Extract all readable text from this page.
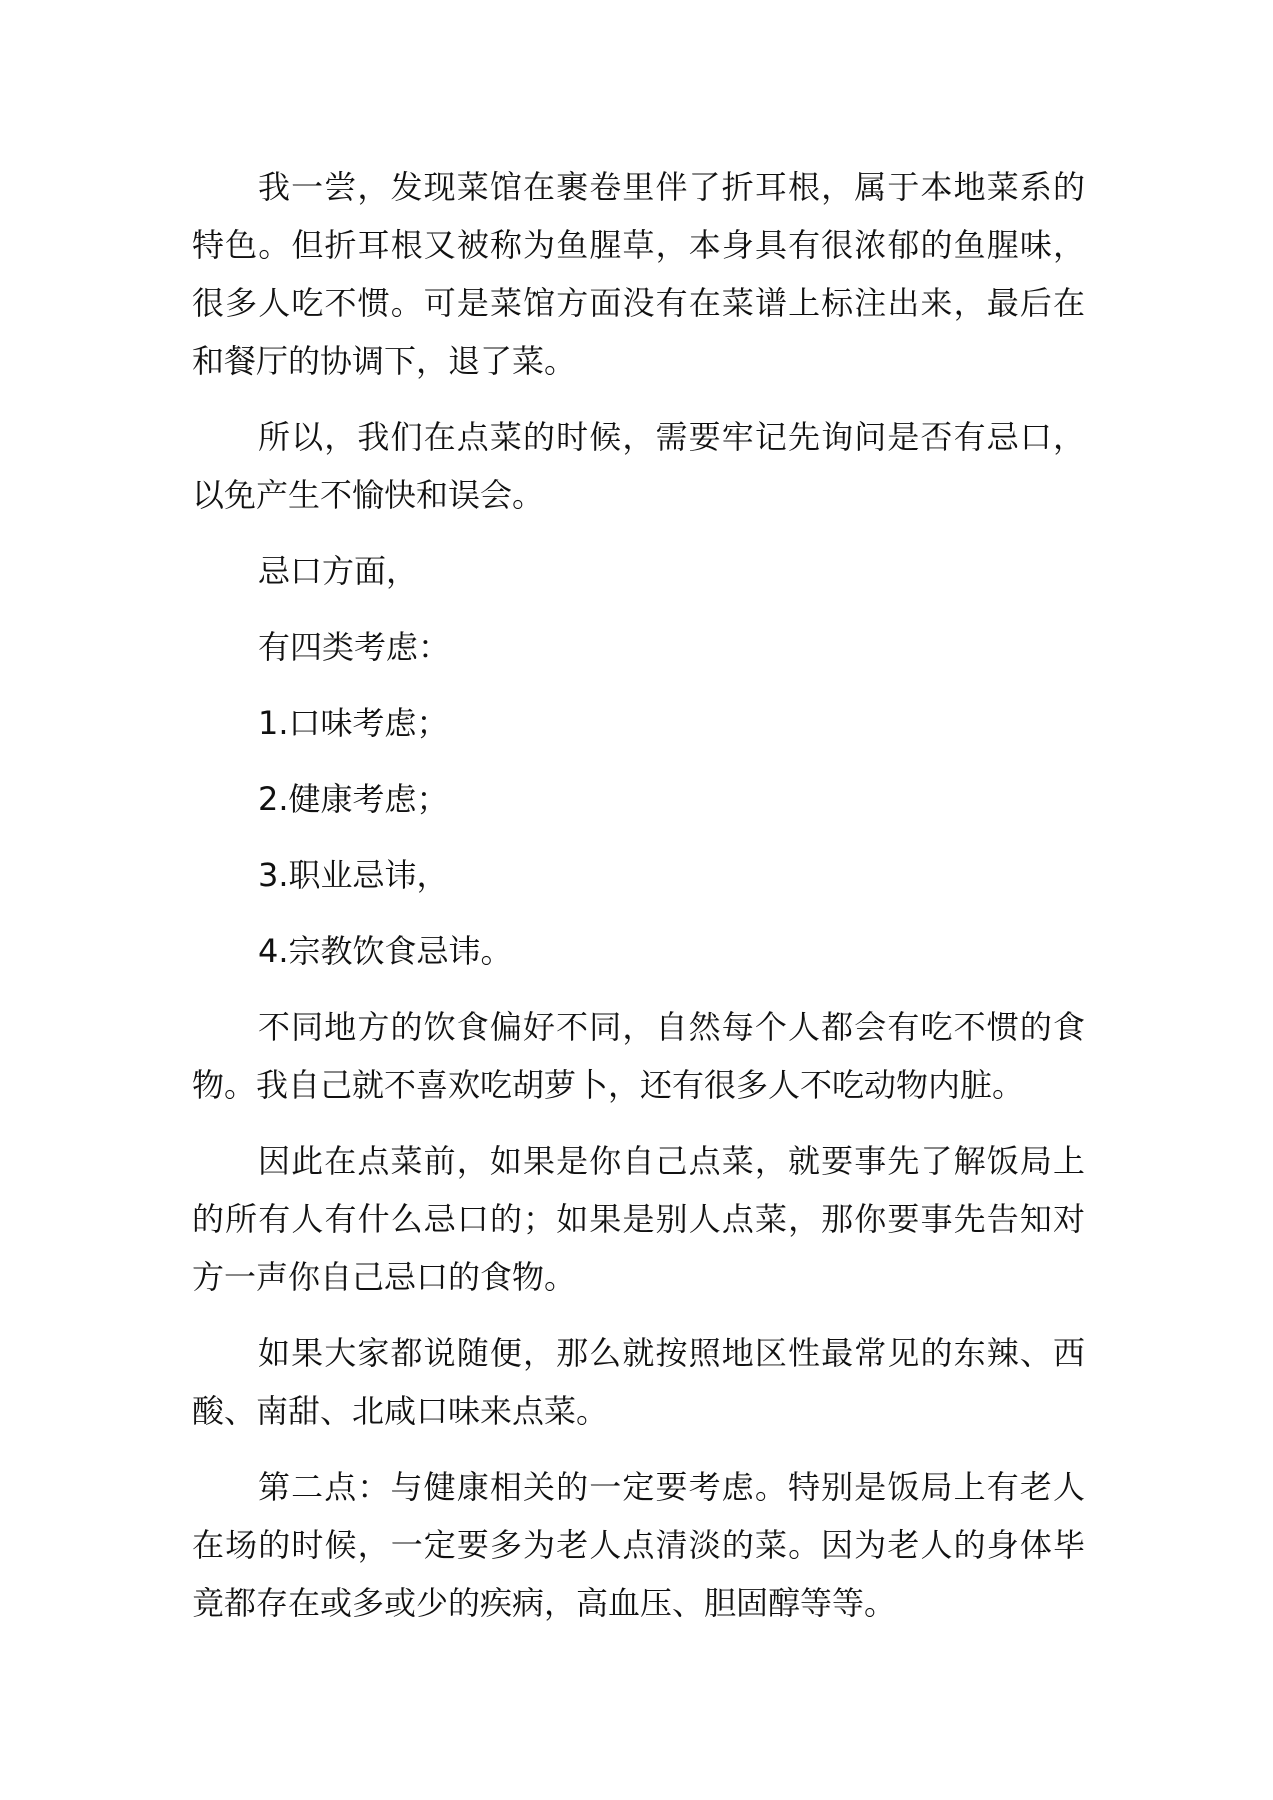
我一尝，发现菜馆在裹卷里伴了折耳根，属于本地菜系的特色。但折耳根又被称为鱼腥草，本身具有很浓郁的鱼腥味，很多人吃不惯。可是菜馆方面没有在菜谱上标注出来，最后在和餐厅的协调下，退了菜。

所以，我们在点菜的时候，需要牢记先询问是否有忌口，以免产生不愉快和误会。

忌口方面，

有四类考虑：

1.口味考虑；

2.健康考虑；

3.职业忌讳，

4.宗教饮食忌讳。

不同地方的饮食偏好不同，自然每个人都会有吃不惯的食物。我自己就不喜欢吃胡萝卜，还有很多人不吃动物内脏。

因此在点菜前，如果是你自己点菜，就要事先了解饭局上的所有人有什么忌口的；如果是别人点菜，那你要事先告知对方一声你自己忌口的食物。

如果大家都说随便，那么就按照地区性最常见的东辣、西酸、南甜、北咸口味来点菜。

第二点：与健康相关的一定要考虑。特别是饭局上有老人在场的时候，一定要多为老人点清淡的菜。因为老人的身体毕竟都存在或多或少的疾病，高血压、胆固醇等等。
